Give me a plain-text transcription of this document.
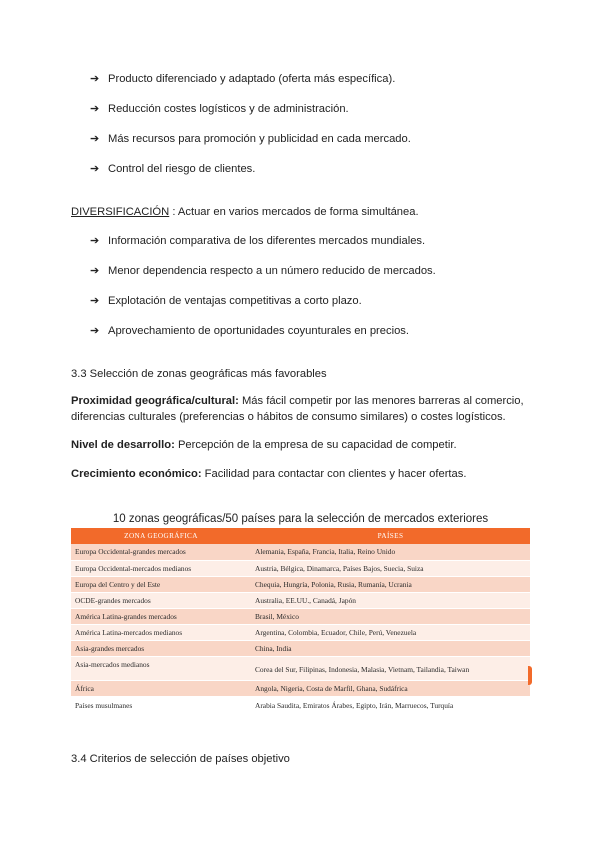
➔ Producto diferenciado y adaptado (oferta más específica).
➔ Reducción costes logísticos y de administración.
➔ Más recursos para promoción y publicidad en cada mercado.
➔ Control del riesgo de clientes.
DIVERSIFICACIÓN : Actuar en varios mercados de forma simultánea.
➔ Información comparativa de los diferentes mercados mundiales.
➔ Menor dependencia respecto a un número reducido de mercados.
➔ Explotación de ventajas competitivas a corto plazo.
➔ Aprovechamiento de oportunidades coyunturales en precios.
3.3 Selección de zonas geográficas más favorables
Proximidad geográfica/cultural: Más fácil competir por las menores barreras al comercio, diferencias culturales (preferencias o hábitos de consumo similares) o costes logísticos.
Nivel de desarrollo: Percepción de la empresa de su capacidad de competir.
Crecimiento económico: Facilidad para contactar con clientes y hacer ofertas.
10 zonas geográficas/50 países para la selección de mercados exteriores
ZONA GEOGRÁFICA	PAÍSES
Europa Occidental-grandes mercados	Alemania, España, Francia, Italia, Reino Unido
Europa Occidental-mercados medianos	Austria, Bélgica, Dinamarca, Países Bajos, Suecia, Suiza
Europa del Centro y del Este	Chequia, Hungría, Polonia, Rusia, Rumanía, Ucrania
OCDE-grandes mercados	Australia, EE.UU., Canadá, Japón
América Latina-grandes mercados	Brasil, México
América Latina-mercados medianos	Argentina, Colombia, Ecuador, Chile, Perú, Venezuela
Asia-grandes mercados	China, India
Asia-mercados medianos	Corea del Sur, Filipinas, Indonesia, Malasia, Vietnam, Tailandia, Taiwan
África	Angola, Nigeria, Costa de Marfil, Ghana, Sudáfrica
Países musulmanes	Arabia Saudita, Emiratos Árabes, Egipto, Irán, Marruecos, Turquía
3.4 Criterios de selección de países objetivo
